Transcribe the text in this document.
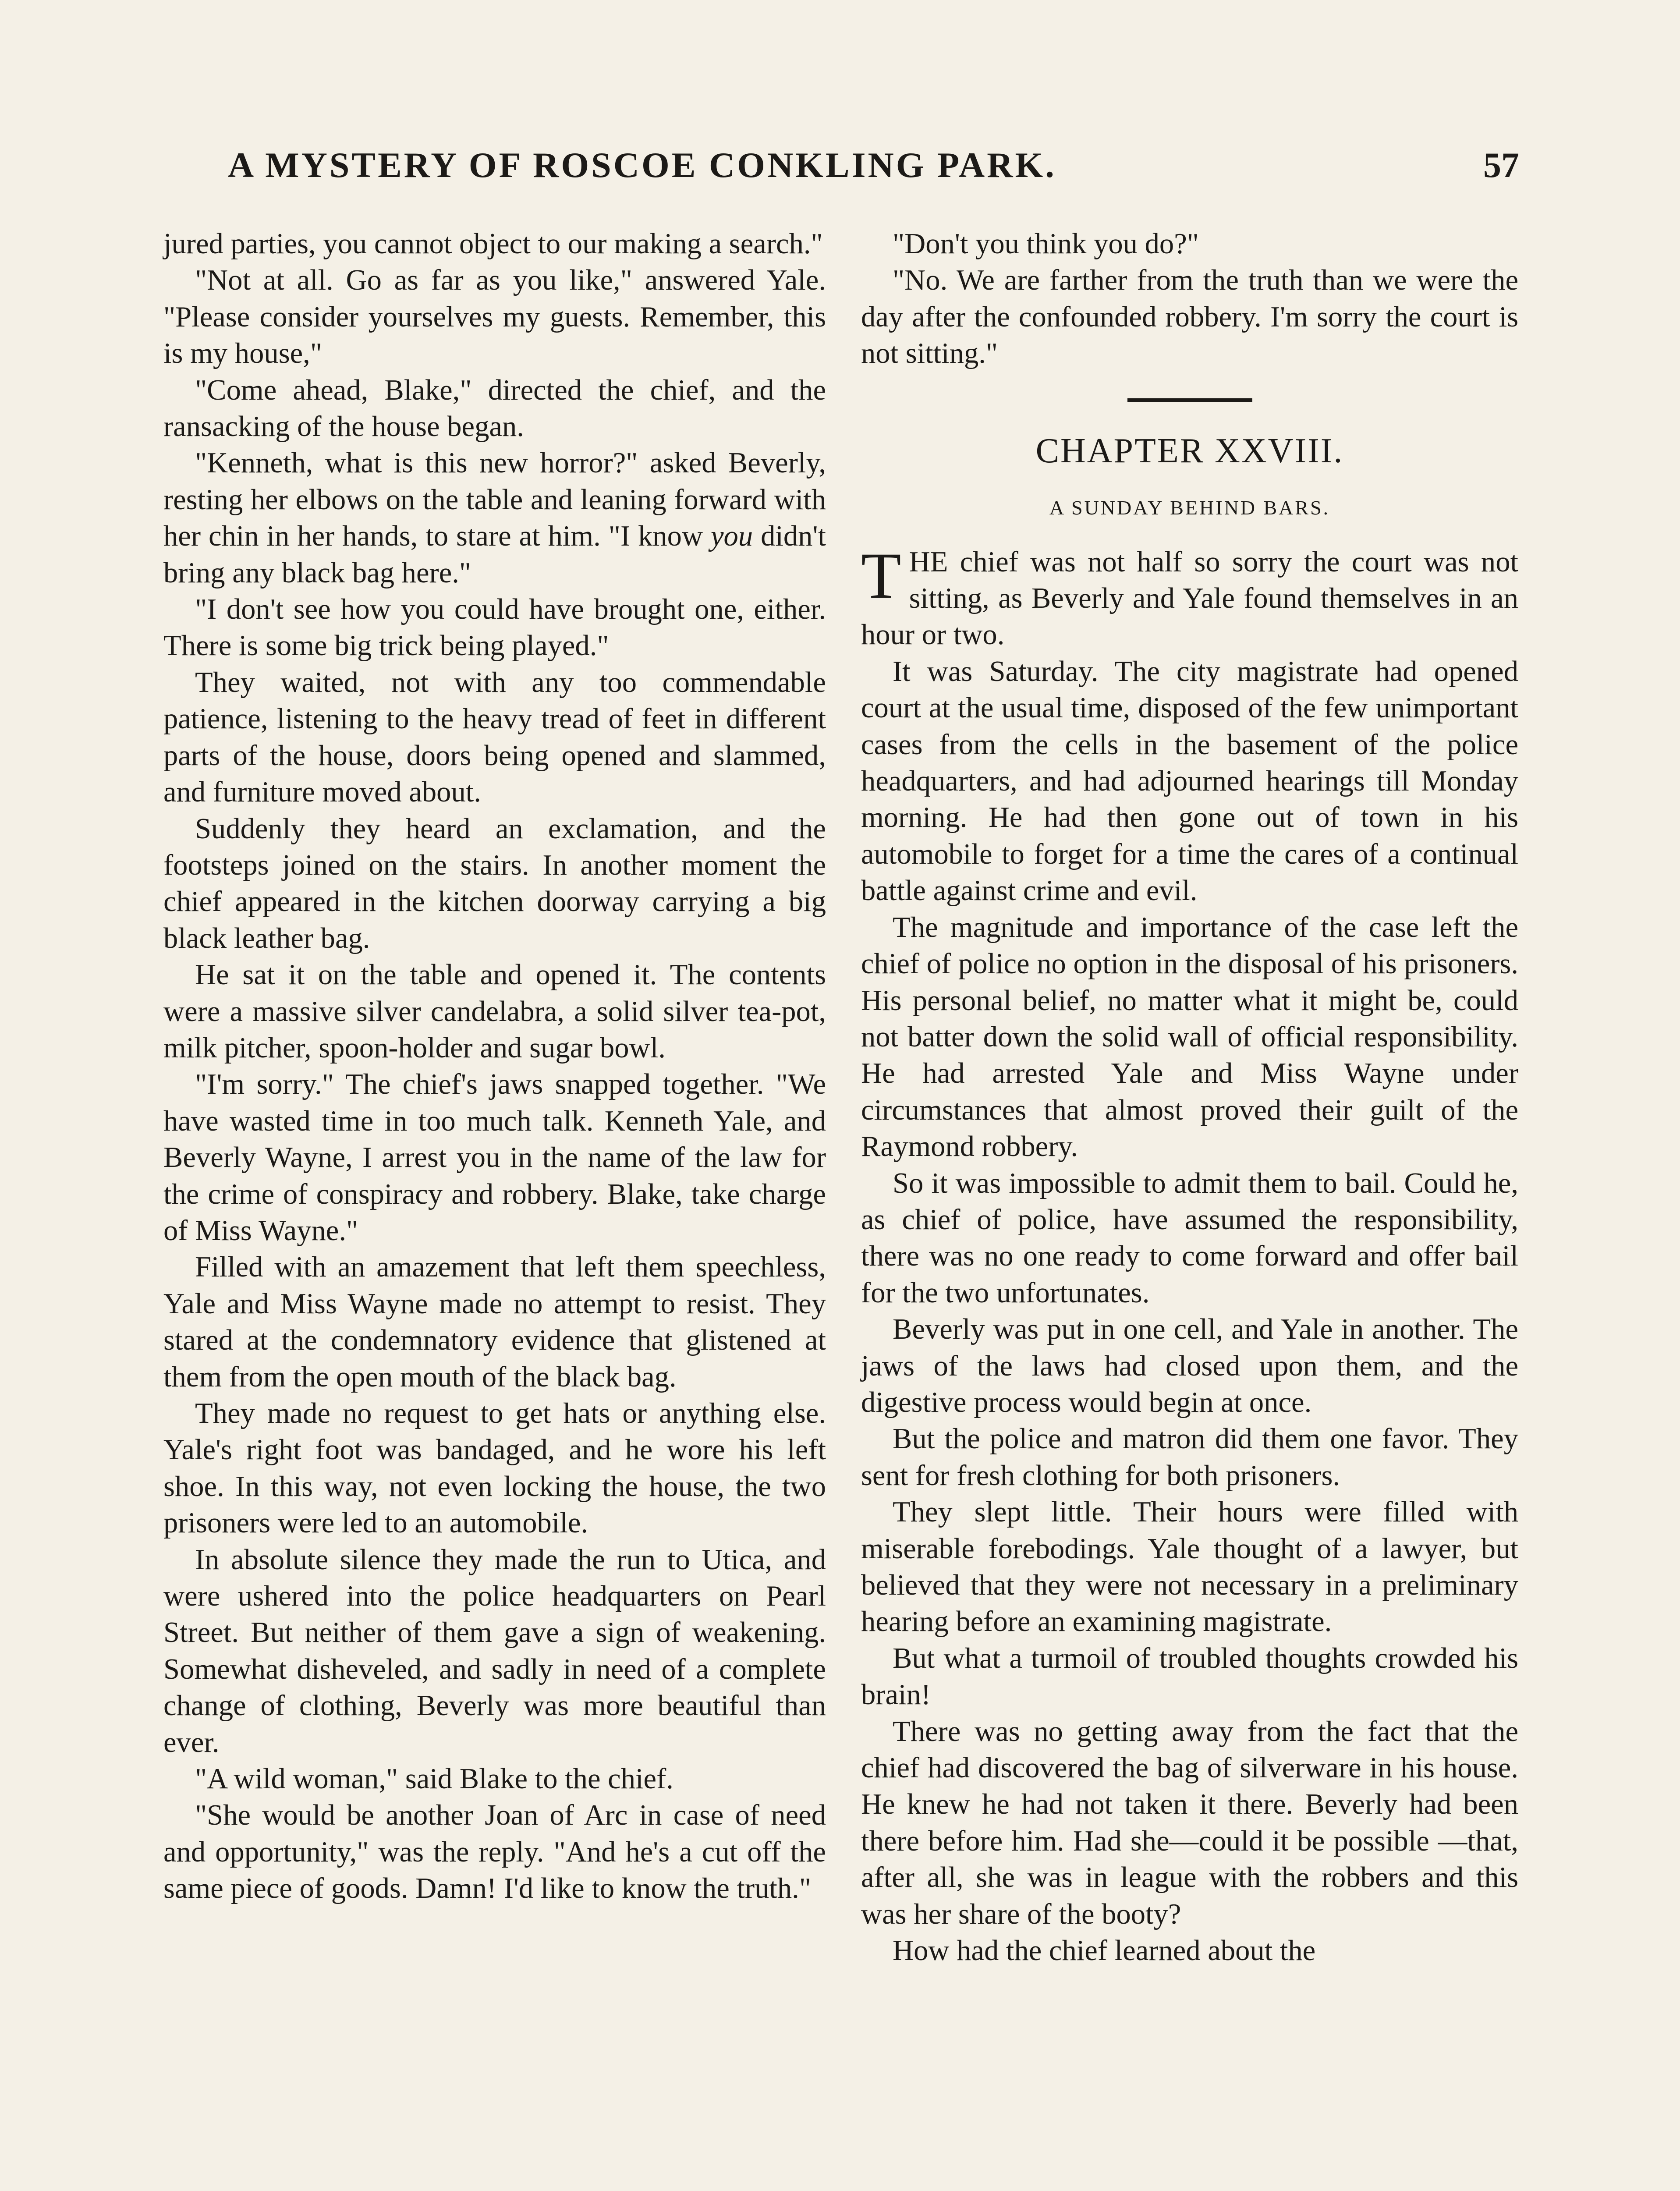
A MYSTERY OF ROSCOE CONKLING PARK.	57

jured parties, you cannot object to our making a search."

"Not at all. Go as far as you like," answered Yale. "Please consider yourselves my guests. Remember, this is my house,"

"Come ahead, Blake," directed the chief, and the ransacking of the house began.

"Kenneth, what is this new horror?" asked Beverly, resting her elbows on the table and leaning forward with her chin in her hands, to stare at him. "I know you didn't bring any black bag here."

"I don't see how you could have brought one, either. There is some big trick being played."

They waited, not with any too commendable patience, listening to the heavy tread of feet in different parts of the house, doors being opened and slammed, and furniture moved about.

Suddenly they heard an exclamation, and the footsteps joined on the stairs. In another moment the chief appeared in the kitchen doorway carrying a big black leather bag.

He sat it on the table and opened it. The contents were a massive silver candelabra, a solid silver tea-pot, milk pitcher, spoon-holder and sugar bowl.

"I'm sorry." The chief's jaws snapped together. "We have wasted time in too much talk. Kenneth Yale, and Beverly Wayne, I arrest you in the name of the law for the crime of conspiracy and robbery. Blake, take charge of Miss Wayne."

Filled with an amazement that left them speechless, Yale and Miss Wayne made no attempt to resist. They stared at the condemnatory evidence that glistened at them from the open mouth of the black bag.

They made no request to get hats or anything else. Yale's right foot was bandaged, and he wore his left shoe. In this way, not even locking the house, the two prisoners were led to an automobile.

In absolute silence they made the run to Utica, and were ushered into the police headquarters on Pearl Street. But neither of them gave a sign of weakening. Somewhat disheveled, and sadly in need of a complete change of clothing, Beverly was more beautiful than ever.

"A wild woman," said Blake to the chief.

"She would be another Joan of Arc in case of need and opportunity," was the reply. "And he's a cut off the same piece of goods. Damn! I'd like to know the truth."

"Don't you think you do?"

"No. We are farther from the truth than we were the day after the confounded robbery. I'm sorry the court is not sitting."

CHAPTER XXVIII.
A SUNDAY BEHIND BARS.

THE chief was not half so sorry the court was not sitting, as Beverly and Yale found themselves in an hour or two.

It was Saturday. The city magistrate had opened court at the usual time, disposed of the few unimportant cases from the cells in the basement of the police headquarters, and had adjourned hearings till Monday morning. He had then gone out of town in his automobile to forget for a time the cares of a continual battle against crime and evil.

The magnitude and importance of the case left the chief of police no option in the disposal of his prisoners. His personal belief, no matter what it might be, could not batter down the solid wall of official responsibility. He had arrested Yale and Miss Wayne under circumstances that almost proved their guilt of the Raymond robbery.

So it was impossible to admit them to bail. Could he, as chief of police, have assumed the responsibility, there was no one ready to come forward and offer bail for the two unfortunates.

Beverly was put in one cell, and Yale in another. The jaws of the laws had closed upon them, and the digestive process would begin at once.

But the police and matron did them one favor. They sent for fresh clothing for both prisoners.

They slept little. Their hours were filled with miserable forebodings. Yale thought of a lawyer, but believed that they were not necessary in a preliminary hearing before an examining magistrate.

But what a turmoil of troubled thoughts crowded his brain!

There was no getting away from the fact that the chief had discovered the bag of silverware in his house. He knew he had not taken it there. Beverly had been there before him. Had she—could it be possible —that, after all, she was in league with the robbers and this was her share of the booty?

How had the chief learned about the
